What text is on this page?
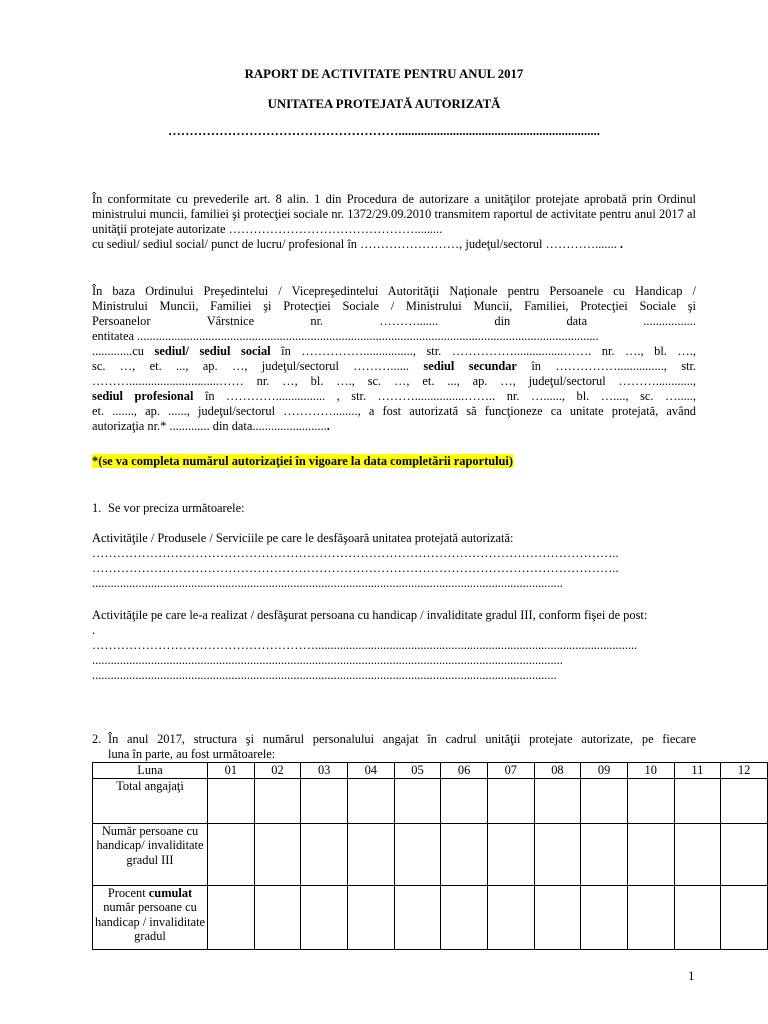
RAPORT DE ACTIVITATE PENTRU ANUL 2017
UNITATEA PROTEJATĂ AUTORIZATĂ
………………………………………………...............................................................
În conformitate cu prevederile art. 8 alin. 1 din Procedura de autorizare a unităţilor protejate aprobată prin Ordinul ministrului muncii, familiei şi protecţiei sociale nr. 1372/29.09.2010 transmitem raportul de activitate pentru anul 2017 al unităţii protejate autorizate ……………………………………….........
cu sediul/ sediul social/ punct de lucru/ profesional în ……………………, judeţul/sectorul …………....... .
În baza Ordinului Preşedintelui / Vicepreşedintelui Autorităţii Naţionale pentru Persoanele cu Handicap /
Ministrului Muncii, Familiei şi Protecţiei Sociale / Ministrului Muncii, Familiei, Protecţiei Sociale şi
Persoanelor	Vârstnice	nr.	……….......	din	data	.................
entitatea .....................................................................................................................................................
.............cu sediul/ sediul social în ……………................, str. ……………................……. nr. …., bl. ….,
sc. …, et. ..., ap. …, judeţul/sectorul ………...... sediul secundar în ……………..............., str.
……….............................…… nr. …, bl. …., sc. …, et. ..., ap. …, judeţul/sectorul ………............,
sediul profesional în …………................ , str. ………................…….. nr. …......, bl. …...., sc. ….....,
et. ......., ap. ......, judeţul/sectorul …………........, a fost autorizată să funcţioneze ca unitate protejată, având
autorizaţia nr.* ............. din data.........................
*(se va completa numărul autorizaţiei în vigoare la data completării raportului)
1. Se vor preciza următoarele:
Activităţile / Produsele / Serviciile pe care le desfăşoară unitatea protejată autorizată:
………………………………………………………………………………………………………………..
………………………………………………………………………………………………………………..
........................................................................................................................................................
Activităţile pe care le-a realizat / desfăşurat persoana cu handicap / invaliditate gradul III, conform fişei de post:
.
………………………………………………........................................................................................................
........................................................................................................................................................
......................................................................................................................................................
2. În anul 2017, structura şi numărul personalului angajat în cadrul unităţii protejate autorizate, pe fiecare
luna în parte, au fost următoarele:
Luna	01	02	03	04	05	06	07	08	09	10	11	12
Total angajaţi												
Număr persoane cu handicap/ invaliditate gradul III												
Procent cumulat număr persoane cu handicap / invaliditate gradul												
1
